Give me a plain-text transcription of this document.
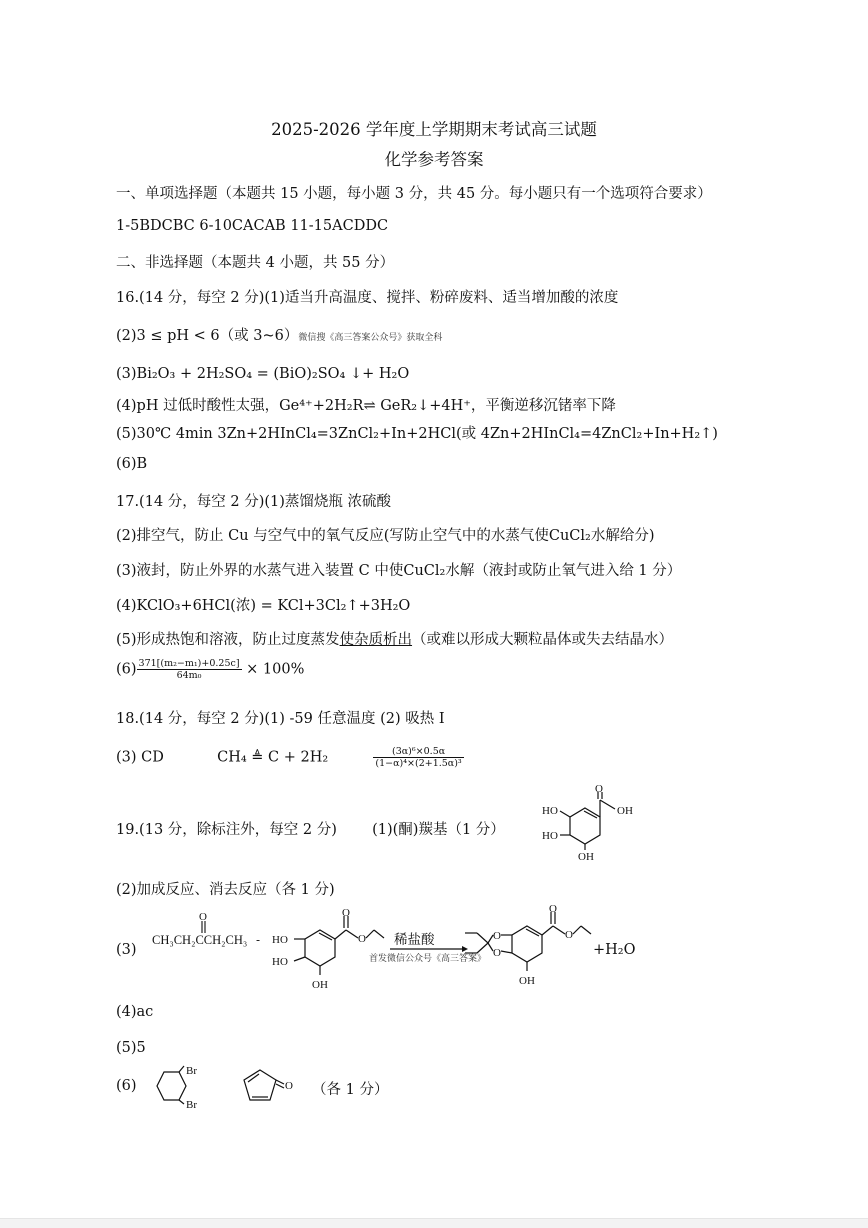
2025-2026 学年度上学期期末考试高三试题
化学参考答案
一、单项选择题（本题共 15 小题，每小题 3 分，共 45 分。每小题只有一个选项符合要求）
1-5BDCBC 6-10CACAB 11-15ACDDC
二、非选择题（本题共 4 小题，共 55 分）
16.(14 分，每空 2 分)(1)适当升高温度、搅拌、粉碎废料、适当增加酸的浓度
(2)3 ≤ pH < 6（或 3~6）微信搜《高三答案公众号》获取全科
(3)Bi₂O₃ + 2H₂SO₄ = (BiO)₂SO₄ ↓+ H₂O
(4)pH 过低时酸性太强，Ge⁴⁺+2H₂R⇌ GeR₂↓+4H⁺，平衡逆移沉锗率下降
(5)30℃ 4min 3Zn+2HInCl₄=3ZnCl₂+In+2HCl(或 4Zn+2HInCl₄=4ZnCl₂+In+H₂↑)
(6)B
17.(14 分，每空 2 分)(1)蒸馏烧瓶 浓硫酸
(2)排空气，防止 Cu 与空气中的氧气反应(写防止空气中的水蒸气使CuCl₂水解给分)
(3)液封，防止外界的水蒸气进入装置 C 中使CuCl₂水解（液封或防止氧气进入给 1 分）
(4)KClO₃+6HCl(浓) = KCl+3Cl₂↑+3H₂O
(5)形成热饱和溶液，防止过度蒸发使杂质析出（或难以形成大颗粒晶体或失去结晶水）
$(6) \frac{\text{371[(m₂−m₁)+0.25c]}}{\text{64m₀}} \times 100\%$
18.(14 分，每空 2 分)(1) -59 任意温度 (2) 吸热 I
(3) CD	CH₄ ≜ C + 2H₂	$\frac{\text{(3α)⁶×0.5α}}{\text{(1−α)⁴×(2+1.5α)³}}$
19.(13 分，除标注外，每空 2 分) (1)(酮)羰基（1 分）
O
OH
HO
HO
OH
(2)加成反应、消去反应（各 1 分)
(3)
CH₃CH₂CCH₂CH₃
O
-
O
O
HO
HO
OH
稀盐酸
首发微信公众号《高三答案》
O
O
O
O
OH
+H₂O
(4)ac
(5)5
(6)
Br
Br
O （各 1 分）
